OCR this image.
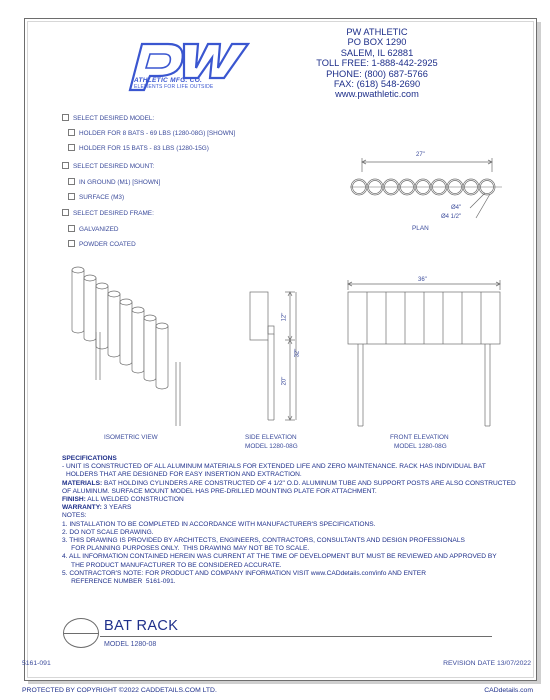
ATHLETIC MFG. CO.
ELEMENTS FOR LIFE OUTSIDE
PW ATHLETIC
PO BOX 1290
SALEM, IL 62881
TOLL FREE: 1-888-442-2925
PHONE: (800) 687-5766
FAX: (618) 548-2690
www.pwathletic.com
SELECT DESIRED MODEL:
HOLDER FOR 8 BATS - 69 LBS (1280-08G) [SHOWN]
HOLDER FOR 15 BATS - 83 LBS (1280-15G)
SELECT DESIRED MOUNT:
IN GROUND (M1) [SHOWN]
SURFACE (M3)
SELECT DESIRED FRAME:
GALVANIZED
POWDER COATED
27"
Ø4"
Ø4 1/2"
PLAN
ISOMETRIC VIEW
12"
32"
20"
SIDE ELEVATION
MODEL 1280-08G
36"
FRONT ELEVATION
MODEL 1280-08G
SPECIFICATIONS
- UNIT IS CONSTRUCTED OF ALL ALUMINUM MATERIALS FOR EXTENDED LIFE AND ZERO MAINTENANCE. RACK HAS INDIVIDUAL BAT
HOLDERS THAT ARE DESIGNED FOR EASY INSERTION AND EXTRACTION.
MATERIALS: BAT HOLDING CYLINDERS ARE CONSTRUCTED OF 4 1/2" O.D. ALUMINUM TUBE AND SUPPORT POSTS ARE ALSO CONSTRUCTED
OF ALUMINUM. SURFACE MOUNT MODEL HAS PRE-DRILLED MOUNTING PLATE FOR ATTACHMENT.
FINISH: ALL WELDED CONSTRUCTION
WARRANTY: 3 YEARS
NOTES:
1. INSTALLATION TO BE COMPLETED IN ACCORDANCE WITH MANUFACTURER'S SPECIFICATIONS.
2. DO NOT SCALE DRAWING.
3. THIS DRAWING IS PROVIDED BY ARCHITECTS, ENGINEERS, CONTRACTORS, CONSULTANTS AND DESIGN PROFESSIONALS
FOR PLANNING PURPOSES ONLY.  THIS DRAWING MAY NOT BE TO SCALE.
4. ALL INFORMATION CONTAINED HEREIN WAS CURRENT AT THE TIME OF DEVELOPMENT BUT MUST BE REVIEWED AND APPROVED BY
THE PRODUCT MANUFACTURER TO BE CONSIDERED ACCURATE.
5. CONTRACTOR'S NOTE: FOR PRODUCT AND COMPANY INFORMATION VISIT www.CADdetails.com/info AND ENTER
REFERENCE NUMBER  5161-091.
BAT RACK
MODEL 1280-08
5161-091	REVISION DATE 13/07/2022
PROTECTED BY COPYRIGHT ©2022 CADDETAILS.COM LTD.	CADdetails.com
